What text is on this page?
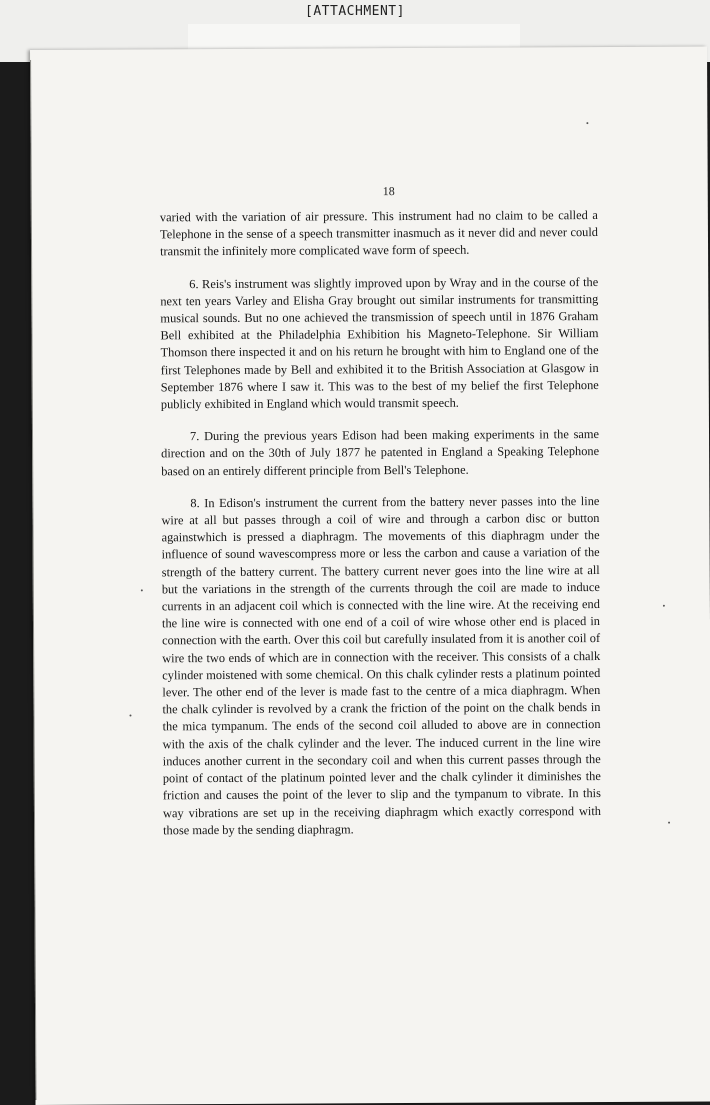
[ATTACHMENT]
18

varied with the variation of air pressure. This instrument had no claim to be called a Telephone in the sense of a speech transmitter inasmuch as it never did and never could transmit the infinitely more complicated wave form of speech.

6. Reis's instrument was slightly improved upon by Wray and in the course of the next ten years Varley and Elisha Gray brought out similar instruments for transmitting musical sounds. But no one achieved the transmission of speech until in 1876 Graham Bell exhibited at the Philadelphia Exhibition his Magneto-Telephone. Sir William Thomson there inspected it and on his return he brought with him to England one of the first Telephones made by Bell and exhibited it to the British Association at Glasgow in September 1876 where I saw it. This was to the best of my belief the first Telephone publicly exhibited in England which would transmit speech.

7. During the previous years Edison had been making experiments in the same direction and on the 30th of July 1877 he patented in England a Speaking Telephone based on an entirely different principle from Bell's Telephone.

8. In Edison's instrument the current from the battery never passes into the line wire at all but passes through a coil of wire and through a carbon disc or button againstwhich is pressed a diaphragm. The movements of this diaphragm under the influence of sound wavescompress more or less the carbon and cause a variation of the strength of the battery current. The battery current never goes into the line wire at all but the variations in the strength of the currents through the coil are made to induce currents in an adjacent coil which is connected with the line wire. At the receiving end the line wire is connected with one end of a coil of wire whose other end is placed in connection with the earth. Over this coil but carefully insulated from it is another coil of wire the two ends of which are in connection with the receiver. This consists of a chalk cylinder moistened with some chemical. On this chalk cylinder rests a platinum pointed lever. The other end of the lever is made fast to the centre of a mica diaphragm. When the chalk cylinder is revolved by a crank the friction of the point on the chalk bends in the mica tympanum. The ends of the second coil alluded to above are in connection with the axis of the chalk cylinder and the lever. The induced current in the line wire induces another current in the secondary coil and when this current passes through the point of contact of the platinum pointed lever and the chalk cylinder it diminishes the friction and causes the point of the lever to slip and the tympanum to vibrate. In this way vibrations are set up in the receiving diaphragm which exactly correspond with those made by the sending diaphragm.
